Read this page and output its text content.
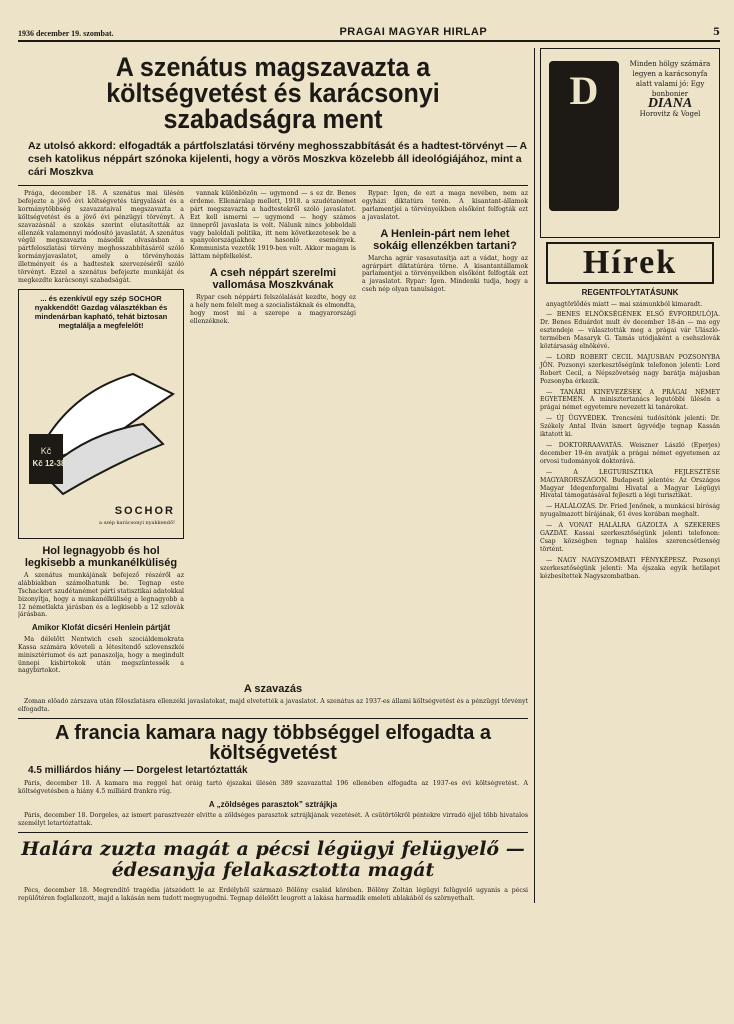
1936 december 19. szombat.	PRAGAI MAGYAR HIRLAP	5
A szenátus magszavazta a költségvetést és karácsonyi szabadságra ment
Az utolsó akkord: elfogadták a pártfolszlatási törvény meghosszabbítását és a hadtest-törvényt — A cseh katolikus néppárt szónoka kijelenti, hogy a vörös Moszkva közelebb áll ideológiájához, mint a cári Moszkva

Prága, december 18. A szenátus mai ülésén befejezte a jövő évi költségvetés tárgyalását és a kormánytöbbség szavazataival megszavazta a költségvetést és a jövő évi pénzügyi törvényt. A szavazásnál a szokás szerint elutasították az ellenzék valamennyi módosító javaslatát. A szenátus végül megszavazta második olvasásban a pártfeloszlatási törvény meghosszabbításáról szóló kormányjavaslatot, amely a törvényhozás illetményeit és a hadtestek szervezéséről szóló törvényt. Ezzel a szenátus befejezte munkáját és megkezdte karácsonyi szabadságát.

... és ezenkívül egy szép SOCHOR nyakkendőt! Gazdag választékban és mindenárban kapható, tehát biztosan megtalálja a megfelelőt!
Kč
Kč 12-38
SOCHOR
a szép karácsonyi nyakkendő!
Hol legnagyobb és hol legkisebb a munkanélküliség

A szenátus munkájának befejező részéről az alábbiakban számolhatunk be. Tegnap este Tschackert szudétanémet párti statisztikai adatokkal bizonyítja, hogy a munkanélküliség a legnagyobb a 12 németlakta járásban és a legkisebb a 12 szlovák járásban.

Amikor Klofát dicséri Henlein pártját

Ma délelőtt Nentwich cseh szociáldemokrata Kassa számára követeli a létesítendő szlovenszkói minisztériumot és azt panaszolja, hogy a megindult ünnepi kisbirtokok után megszüntessék a nagybirtokot.

vannak különbözőn — ugymond — s ez dr. Benes érdeme. Ellenáralap mellett, 1918. a szudétanémet párt megszavazta a hadtestekről szóló javaslatot. Ezt kell ismerni — ugymond — hogy számos ünnepről javaslata is volt. Nálunk nincs jobboldali vagy baloldali politika, itt nem következetesek be a spanyolországiakhoz hasonló események. Kommunista vezetők 1919-ben volt. Akkor magam is láttam népfelkelést.

A cseh néppárt szerelmi vallomása Moszkvának

Rypar cseh néppárti felszólalását kezdte, hogy ez a hely nem felelt meg a szocialistáknak és elmondta, hogy most mi a szerepe a magyarországi ellenzéknek.

Rypar: Igen, de ezt a maga nevében, nem az egyházi diktatúra terén. A kisantant-államok parlamentjei a törvényeikben elsőként felfogták ezt a javaslatot.

A Henlein-párt nem lehet sokáig ellenzékben tartani?

Marcha agrár vasasutasítja azt a vádat, hogy az agrárpárt diktatúrára törne. A kisantantállamok parlamentjei a törvényeikben elsőként felfogták ezt a javaslatot. Rypar: Igen. Mindenki tudja, hogy a cseh nép olyan tanulságot.

A szavazás

Zoman előadó zárszava után föloszlatásra ellenzéki javaslatokat, majd elvetették a javaslatot. A szenátus az 1937-es állami költségvetést és a pénzügyi törvényt elfogadta.

A francia kamara nagy többséggel elfogadta a költségvetést
4.5 milliárdos hiány — Dorgelest letartóztatták

Páris, december 18. A kamara ma reggel hat óráig tartó éjszakai ülésén 389 szavazattal 196 ellenében elfogadta az 1937-es évi költségvetést. A költségvetésben a hiány 4.5 milliárd frankra rúg.

A „zöldséges parasztok” sztrájkja

Páris, december 18. Dorgeles, az ismert parasztvezér elvitte a zöldséges parasztok sztrájkjának vezetését. A csütörtökről péntekre virradó éjjel több hivatalos személyt letartóztattak.

Halára zuzta magát a pécsi légügyi felügyelő — édesanyja felakasztotta magát

Pécs, december 18. Megrendítő tragédia játszódott le az Erdélyből származó Bölöny család körében. Bölöny Zoltán légügyi felügyelő ugyanis a pécsi repülőtéren foglalkozott, majd a lakásán nem tudott megnyugodni. Tegnap délelőtt leugrott a lakása harmadik emeleti ablakából és szörnyethalt.

D
Minden hölgy számára legyen a karácsonyfa alatt valami jó: Egy bonbonier
DIANA
Horovitz & Vogel
Hírek
REGENTFOLYTATÁSUNK

anyagtörlődés miatt — mai számunkból kimaradt.

— BENES ELNÖKSÉGÉNEK ELSŐ ÉVFORDULÓJA. Dr. Benes Eduárdot mult év december 18-án — ma egy esztendeje — választották meg a prágai vár Ulászló-termében Masaryk G. Tamás utódjaként a csehszlovák köztársaság elnökévé.

— LORD ROBERT CECIL MAJUSBAN POZSONYBA JÖN. Pozsonyi szerkesztőségünk telefonon jelenti: Lord Robert Cecil, a Népszövetség nagy barátja májusban Pozsonyba érkezik.

— TANÁRI KINEVEZÉSEK A PRÁGAI NÉMET EGYETEMEN. A minisztertanács legutóbbi ülésén a prágai német egyetemre nevezett ki tanárokat.

— ÚJ ÜGYVÉDEK. Trencséni tudósítónk jelenti: Dr. Székely Antal Ilván ismert ügyvédje tegnap Kassán iktatott ki.

— DOKTORRAAVATÁS. Weiszner László (Eperjes) december 19-én avatják a prágai német egyetemen az orvosi tudományok doktorává.

— A LEGTURISZTIKA FEJLESZTÉSE MAGYARORSZÁGON. Budapesti jelentés: Az Országos Magyar Idegenforgalmi Hivatal a Magyar Légügyi Hivatal támogatásával fejleszti a légi turisztikát.

— HALÁLOZÁS. Dr. Fried Jenőnek, a munkácsi bíróság nyugalmazott bírájának, 61 éves korában meghalt.

— A VONAT HALÁLRA GÁZOLTA A SZEKERES GAZDÁT. Kassai szerkesztőségünk jelenti telefonon: Csap községben tegnap halálos szerencsétlenség történt.

— NAGY NAGYSZOMBATI FÉNYKÉPESZ. Pozsonyi szerkesztőségünk jelenti: Ma éjszaka egyik hetilapot kézbesítettek Nagyszombatban.
